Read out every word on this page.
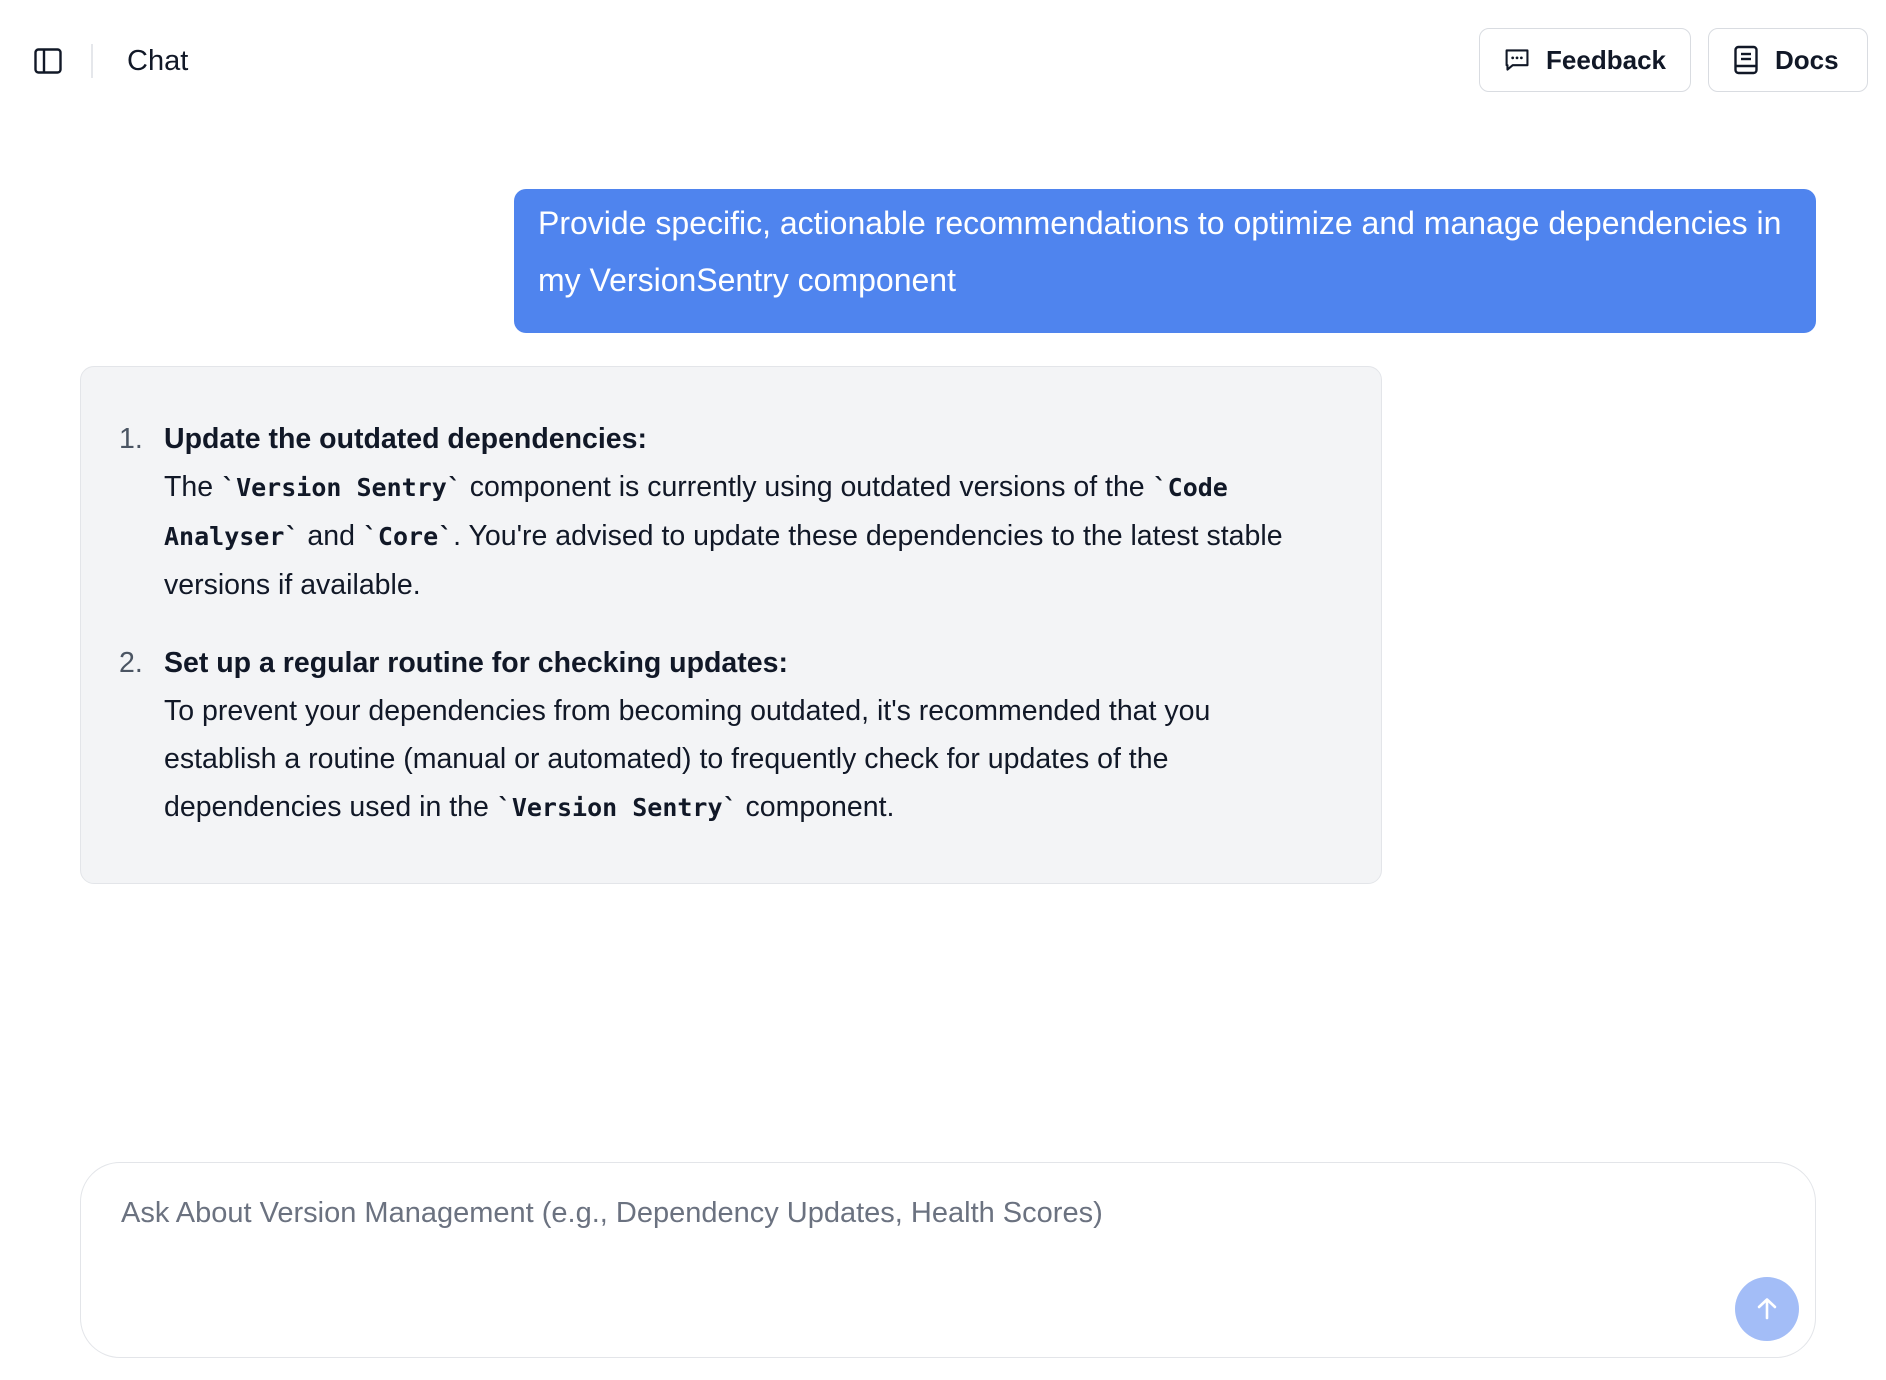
Chat	Feedback	Docs
Provide specific, actionable recommendations to optimize and manage dependencies in my VersionSentry component
1. Update the outdated dependencies:
The `Version Sentry` component is currently using outdated versions of the `Code Analyser` and `Core`. You're advised to update these dependencies to the latest stable versions if available.
2. Set up a regular routine for checking updates:
To prevent your dependencies from becoming outdated, it's recommended that you establish a routine (manual or automated) to frequently check for updates of the dependencies used in the `Version Sentry` component.
Ask About Version Management (e.g., Dependency Updates, Health Scores)
